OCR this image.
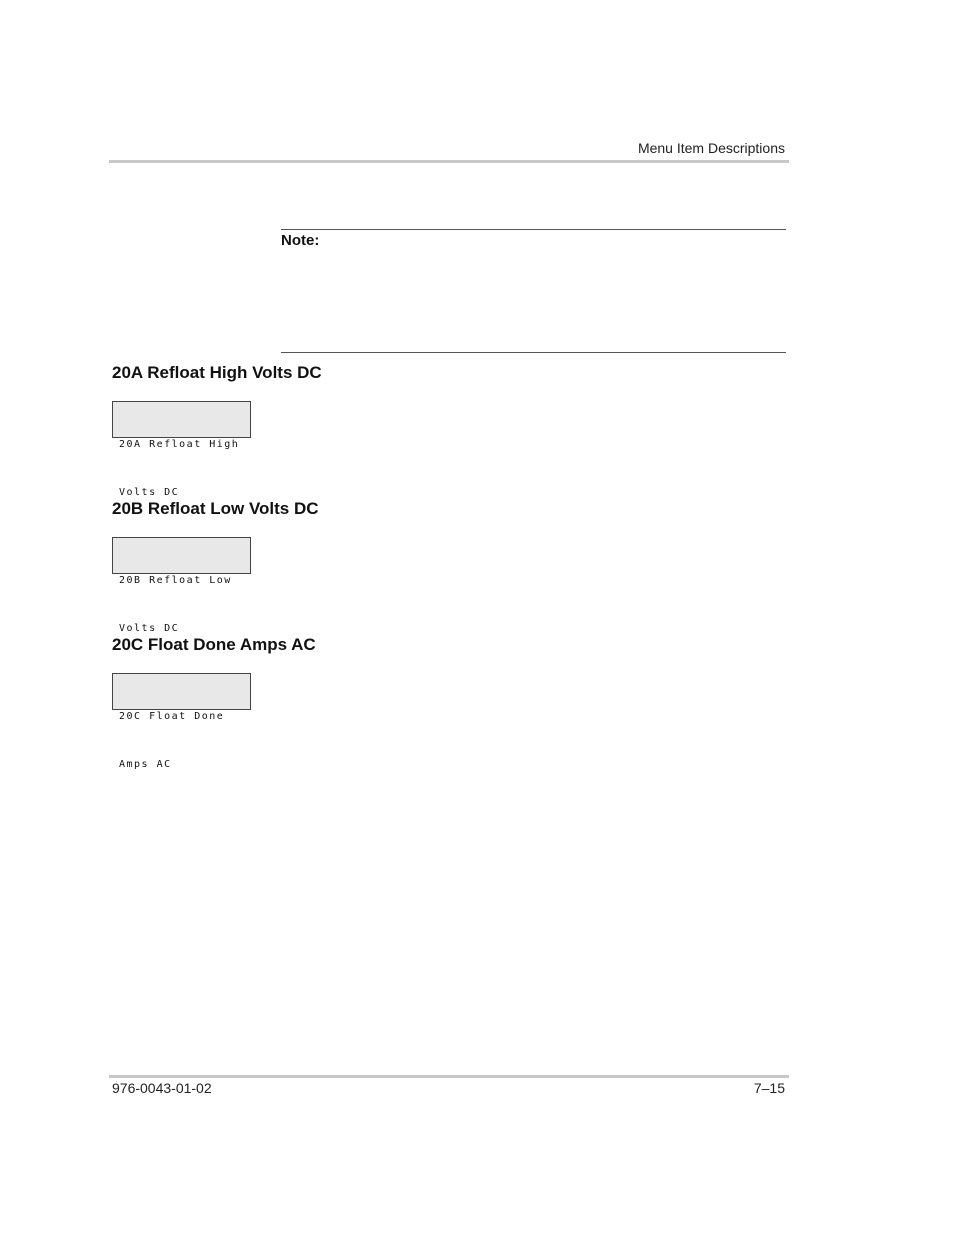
Menu Item Descriptions
Note:
20A Refloat High Volts DC

20A Refloat High

Volts DC

20B Refloat Low Volts DC

20B Refloat Low

Volts DC

20C Float Done Amps AC

20C Float Done

Amps AC

976-0043-01-02	7–15
